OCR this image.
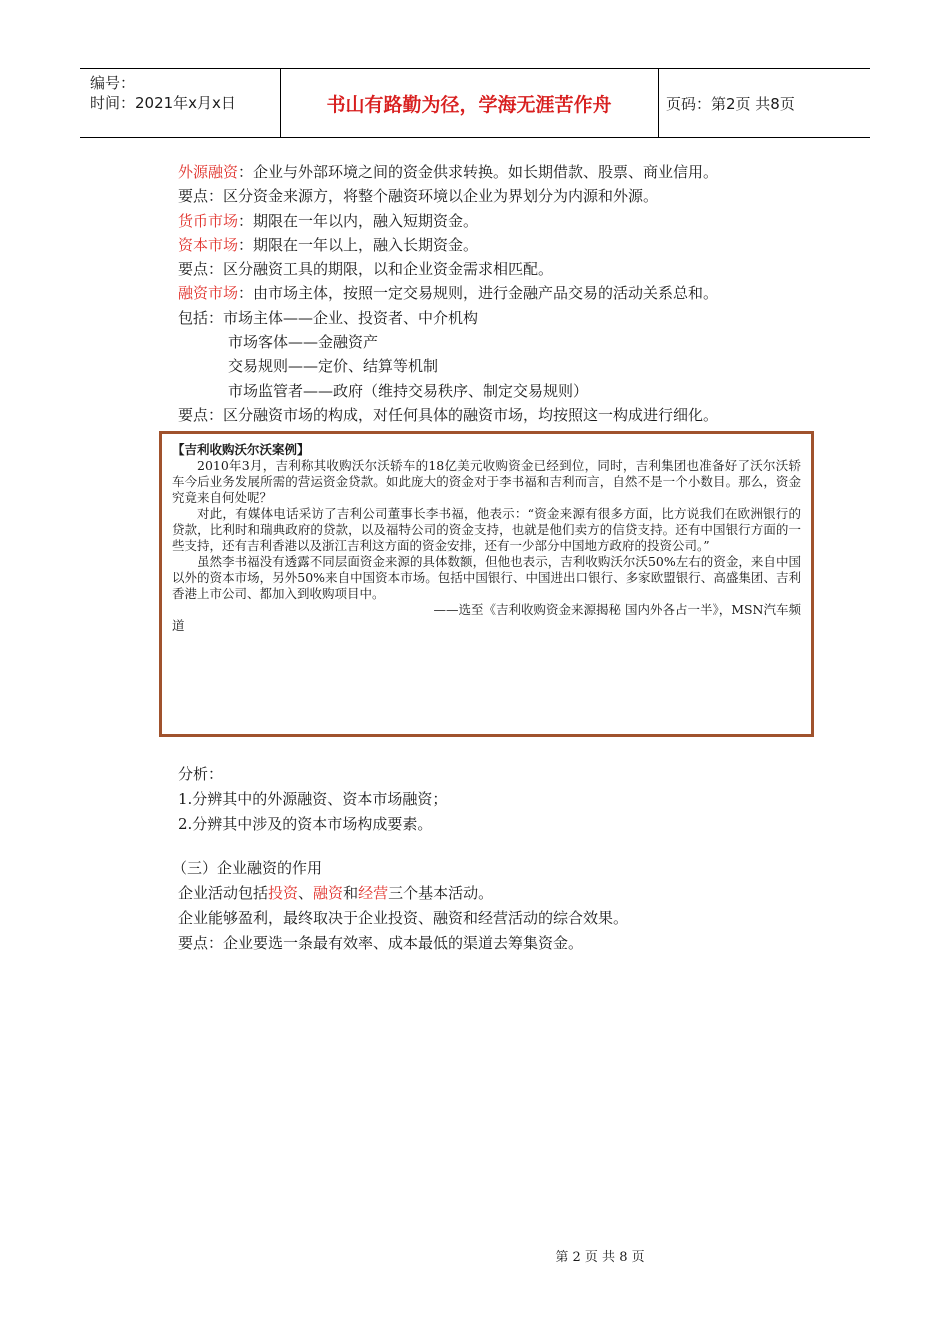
编号：
时间：2021年x月x日	书山有路勤为径，学海无涯苦作舟	页码：第2页 共8页
外源融资：企业与外部环境之间的资金供求转换。如长期借款、股票、商业信用。
要点：区分资金来源方，将整个融资环境以企业为界划分为内源和外源。
货币市场：期限在一年以内，融入短期资金。
资本市场：期限在一年以上，融入长期资金。
要点：区分融资工具的期限，以和企业资金需求相匹配。
融资市场：由市场主体，按照一定交易规则，进行金融产品交易的活动关系总和。
包括：市场主体——企业、投资者、中介机构
市场客体——金融资产
交易规则——定价、结算等机制
市场监管者——政府（维持交易秩序、制定交易规则）
要点：区分融资市场的构成，对任何具体的融资市场，均按照这一构成进行细化。
【吉利收购沃尔沃案例】

2010年3月，吉利称其收购沃尔沃轿车的18亿美元收购资金已经到位，同时，吉利集团也准备好了沃尔沃轿车今后业务发展所需的营运资金贷款。如此庞大的资金对于李书福和吉利而言，自然不是一个小数目。那么，资金究竟来自何处呢？

对此，有媒体电话采访了吉利公司董事长李书福，他表示：“资金来源有很多方面，比方说我们在欧洲银行的贷款，比利时和瑞典政府的贷款，以及福特公司的资金支持，也就是他们卖方的信贷支持。还有中国银行方面的一些支持，还有吉利香港以及浙江吉利这方面的资金安排，还有一少部分中国地方政府的投资公司。”

虽然李书福没有透露不同层面资金来源的具体数额，但他也表示，吉利收购沃尔沃50%左右的资金，来自中国以外的资本市场，另外50%来自中国资本市场。包括中国银行、中国进出口银行、多家欧盟银行、高盛集团、吉利香港上市公司、都加入到收购项目中。

——选至《吉利收购资金来源揭秘 国内外各占一半》，MSN汽车频

道

分析：
1.分辨其中的外源融资、资本市场融资；
2.分辨其中涉及的资本市场构成要素。
（三）企业融资的作用
企业活动包括投资、融资和经营三个基本活动。
企业能够盈利，最终取决于企业投资、融资和经营活动的综合效果。
要点：企业要选一条最有效率、成本最低的渠道去筹集资金。
第 2 页 共 8 页
